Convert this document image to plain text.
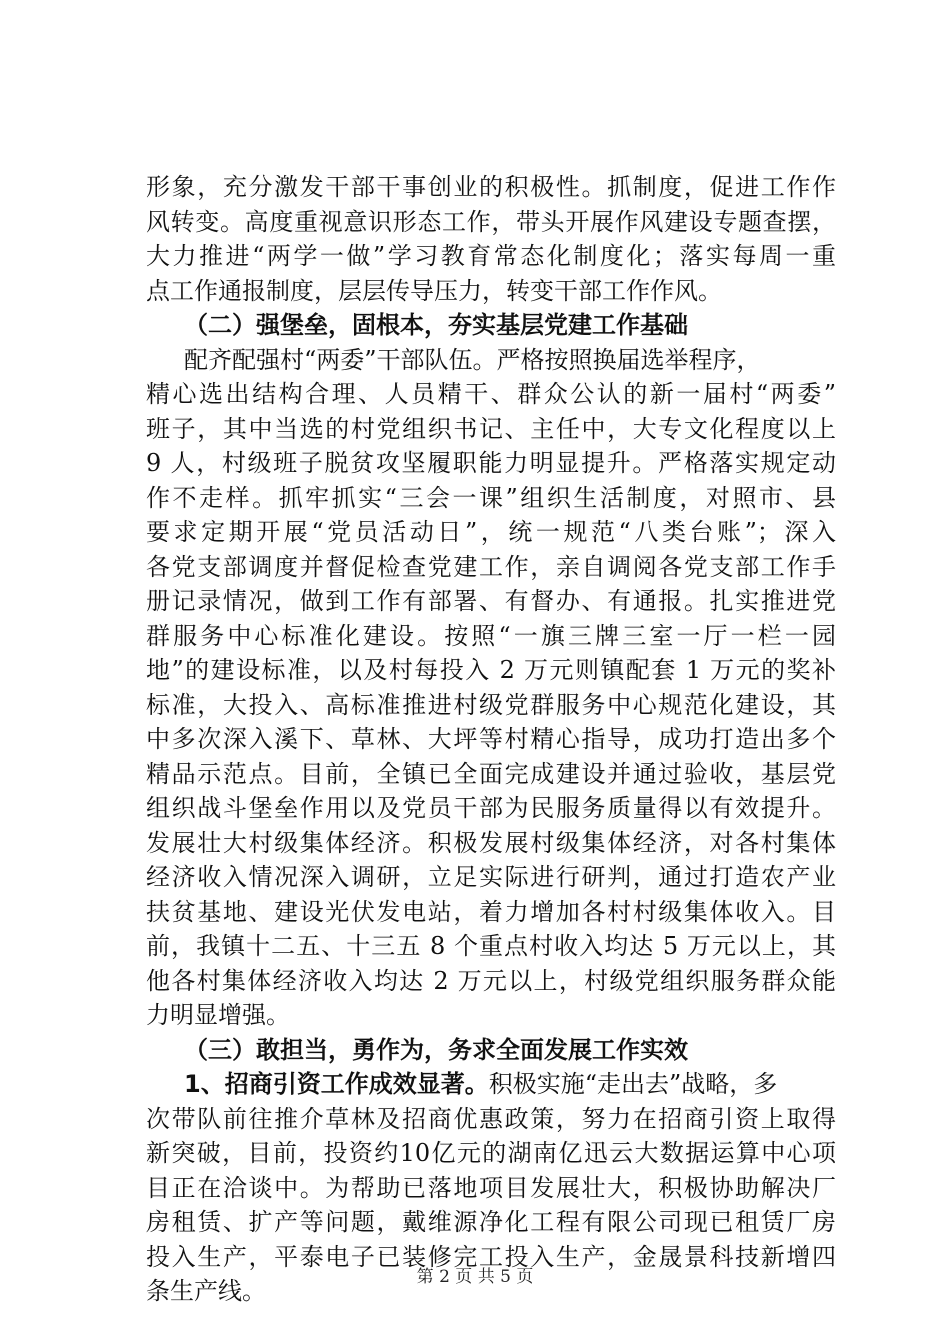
形象，充分激发干部干事创业的积极性。抓制度，促进工作作
风转变。高度重视意识形态工作，带头开展作风建设专题查摆，
大力推进“两学一做”学习教育常态化制度化；落实每周一重
点工作通报制度，层层传导压力，转变干部工作作风。
（二）强堡垒，固根本，夯实基层党建工作基础
配齐配强村“两委”干部队伍。严格按照换届选举程序，
精心选出结构合理、人员精干、群众公认的新一届村“两委”
班子，其中当选的村党组织书记、主任中，大专文化程度以上
9 人，村级班子脱贫攻坚履职能力明显提升。严格落实规定动
作不走样。抓牢抓实“三会一课”组织生活制度，对照市、县
要求定期开展“党员活动日”，统一规范“八类台账”；深入
各党支部调度并督促检查党建工作，亲自调阅各党支部工作手
册记录情况，做到工作有部署、有督办、有通报。扎实推进党
群服务中心标准化建设。按照“一旗三牌三室一厅一栏一园
地”的建设标准，以及村每投入 2 万元则镇配套 1 万元的奖补
标准，大投入、高标准推进村级党群服务中心规范化建设，其
中多次深入溪下、草林、大坪等村精心指导，成功打造出多个
精品示范点。目前，全镇已全面完成建设并通过验收，基层党
组织战斗堡垒作用以及党员干部为民服务质量得以有效提升。
发展壮大村级集体经济。积极发展村级集体经济，对各村集体
经济收入情况深入调研，立足实际进行研判，通过打造农产业
扶贫基地、建设光伏发电站，着力增加各村村级集体收入。目
前，我镇十二五、十三五 8 个重点村收入均达 5 万元以上，其
他各村集体经济收入均达 2 万元以上，村级党组织服务群众能
力明显增强。
（三）敢担当，勇作为，务求全面发展工作实效
1、招商引资工作成效显著。积极实施“走出去”战略，多
次带队前往推介草林及招商优惠政策，努力在招商引资上取得
新突破，目前，投资约10亿元的湖南亿迅云大数据运算中心项
目正在洽谈中。为帮助已落地项目发展壮大，积极协助解决厂
房租赁、扩产等问题，戴维源净化工程有限公司现已租赁厂房
投入生产，平泰电子已装修完工投入生产，金晟景科技新增四
条生产线。	第 2 页 共 5 页
